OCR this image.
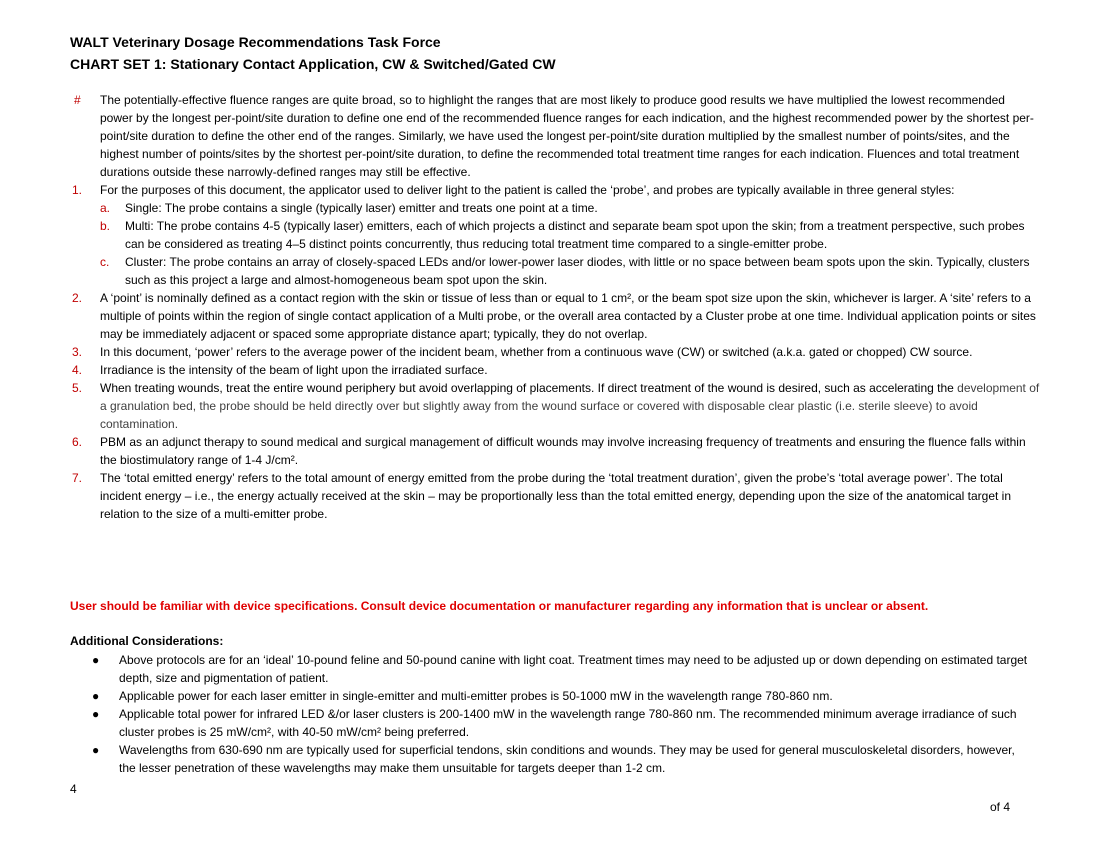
WALT Veterinary Dosage Recommendations Task Force
CHART SET 1: Stationary Contact Application, CW & Switched/Gated CW
#	The potentially-effective fluence ranges are quite broad, so to highlight the ranges that are most likely to produce good results we have multiplied the lowest recommended power by the longest per-point/site duration to define one end of the recommended fluence ranges for each indication, and the highest recommended power by the shortest per-point/site duration to define the other end of the ranges. Similarly, we have used the longest per-point/site duration multiplied by the smallest number of points/sites, and the highest number of points/sites by the shortest per-point/site duration, to define the recommended total treatment time ranges for each indication. Fluences and total treatment durations outside these narrowly-defined ranges may still be effective.
1.	For the purposes of this document, the applicator used to deliver light to the patient is called the ‘probe’, and probes are typically available in three general styles:
a.	Single: The probe contains a single (typically laser) emitter and treats one point at a time.
b.	Multi: The probe contains 4-5 (typically laser) emitters, each of which projects a distinct and separate beam spot upon the skin; from a treatment perspective, such probes can be considered as treating 4–5 distinct points concurrently, thus reducing total treatment time compared to a single-emitter probe.
c.	Cluster: The probe contains an array of closely-spaced LEDs and/or lower-power laser diodes, with little or no space between beam spots upon the skin. Typically, clusters such as this project a large and almost-homogeneous beam spot upon the skin.
2.	A ‘point’ is nominally defined as a contact region with the skin or tissue of less than or equal to 1 cm², or the beam spot size upon the skin, whichever is larger. A ‘site’ refers to a multiple of points within the region of single contact application of a Multi probe, or the overall area contacted by a Cluster probe at one time. Individual application points or sites may be immediately adjacent or spaced some appropriate distance apart; typically, they do not overlap.
3.	In this document, ‘power’ refers to the average power of the incident beam, whether from a continuous wave (CW) or switched (a.k.a. gated or chopped) CW source.
4.	Irradiance is the intensity of the beam of light upon the irradiated surface.
5.	When treating wounds, treat the entire wound periphery but avoid overlapping of placements. If direct treatment of the wound is desired, such as accelerating the development of a granulation bed, the probe should be held directly over but slightly away from the wound surface or covered with disposable clear plastic (i.e. sterile sleeve) to avoid contamination.
6.	PBM as an adjunct therapy to sound medical and surgical management of difficult wounds may involve increasing frequency of treatments and ensuring the fluence falls within the biostimulatory range of 1-4 J/cm².
7.	The ‘total emitted energy’ refers to the total amount of energy emitted from the probe during the ‘total treatment duration’, given the probe’s ‘total average power’. The total incident energy – i.e., the energy actually received at the skin – may be proportionally less than the total emitted energy, depending upon the size of the anatomical target in relation to the size of a multi-emitter probe.
User should be familiar with device specifications. Consult device documentation or manufacturer regarding any information that is unclear or absent.
Additional Considerations:
● Above protocols are for an ‘ideal’ 10-pound feline and 50-pound canine with light coat. Treatment times may need to be adjusted up or down depending on estimated target depth, size and pigmentation of patient.
● Applicable power for each laser emitter in single-emitter and multi-emitter probes is 50-1000 mW in the wavelength range 780-860 nm.
● Applicable total power for infrared LED &/or laser clusters is 200-1400 mW in the wavelength range 780-860 nm. The recommended minimum average irradiance of such cluster probes is 25 mW/cm², with 40-50 mW/cm² being preferred.
● Wavelengths from 630-690 nm are typically used for superficial tendons, skin conditions and wounds. They may be used for general musculoskeletal disorders, however, the lesser penetration of these wavelengths may make them unsuitable for targets deeper than 1-2 cm.
4
of 4
